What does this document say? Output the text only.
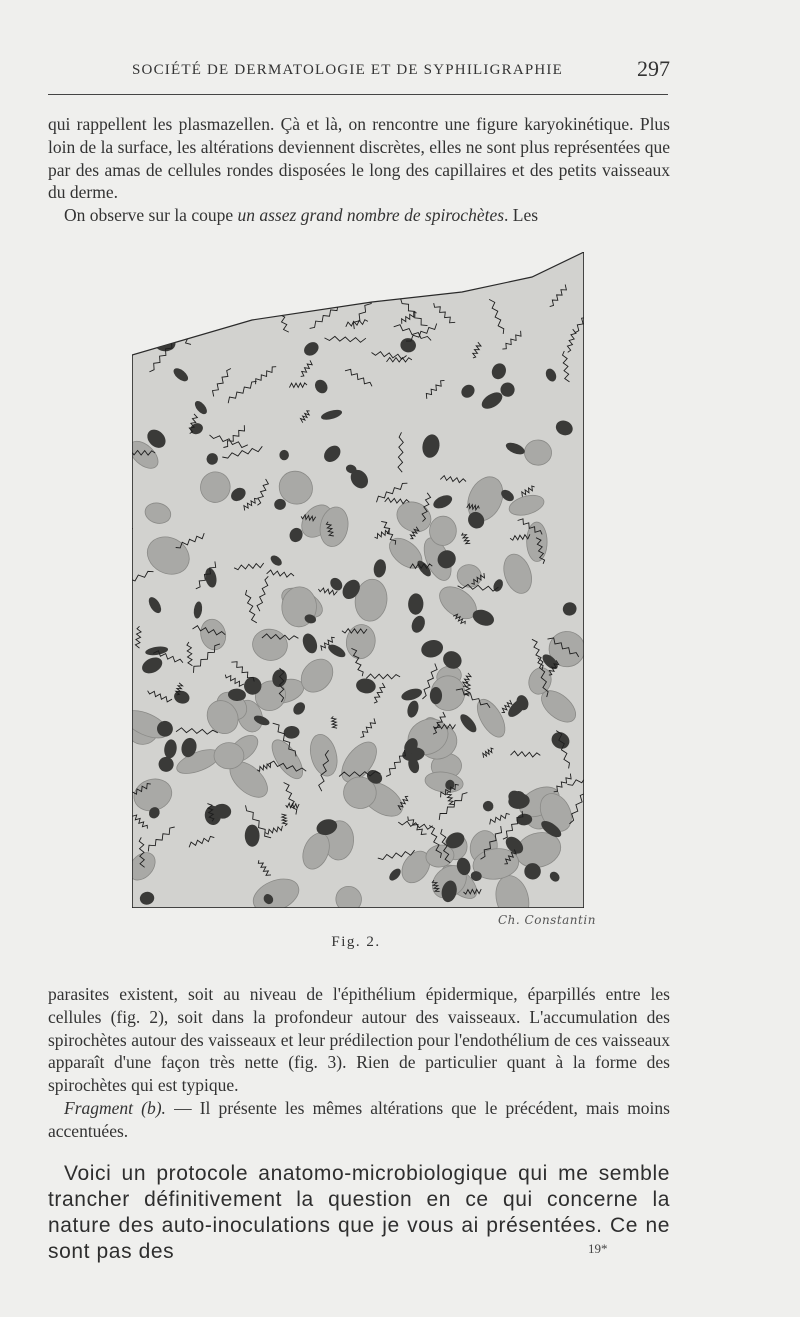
SOCIÉTÉ DE DERMATOLOGIE ET DE SYPHILIGRAPHIE	297

qui rappellent les plasmazellen. Çà et là, on rencontre une figure karyokinétique. Plus loin de la surface, les altérations deviennent discrètes, elles ne sont plus représentées que par des amas de cellules rondes disposées le long des capillaires et des petits vaisseaux du derme.

On observe sur la coupe un assez grand nombre de spirochètes. Les

Ch. Constantin
Fig. 2.

parasites existent, soit au niveau de l'épithélium épidermique, éparpillés entre les cellules (fig. 2), soit dans la profondeur autour des vaisseaux. L'accumulation des spirochètes autour des vaisseaux et leur prédilection pour l'endothélium de ces vaisseaux apparaît d'une façon très nette (fig. 3). Rien de particulier quant à la forme des spirochètes qui est typique.

Fragment (b). — Il présente les mêmes altérations que le précédent, mais moins accentuées.

Voici un protocole anatomo-microbiologique qui me semble trancher définitivement la question en ce qui concerne la nature des auto-inoculations que je vous ai présentées. Ce ne sont pas des	19*
